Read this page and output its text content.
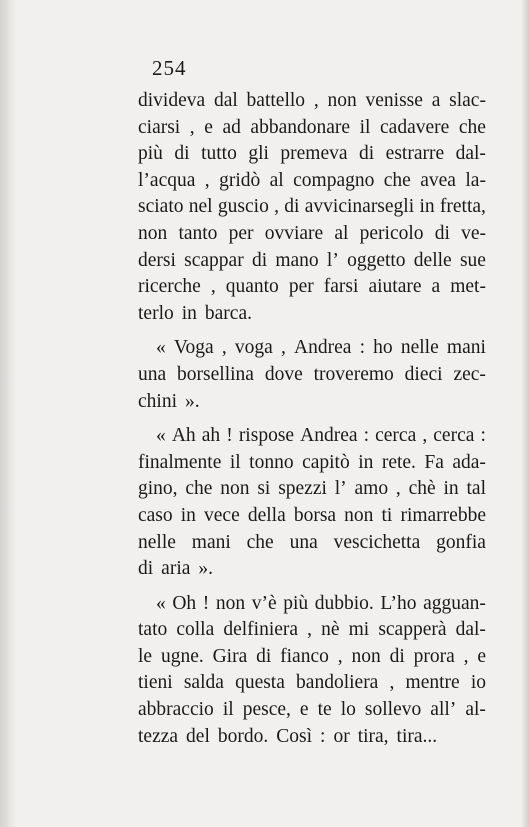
254
divideva dal battello , non venisse a slac-
ciarsi , e ad abbandonare il cadavere che
più di tutto gli premeva di estrarre dal-
l’acqua , gridò al compagno che avea la-
sciato nel guscio , di avvicinarsegli in fretta,
non tanto per ovviare al pericolo di ve-
dersi scappar di mano l’ oggetto delle sue
ricerche , quanto per farsi aiutare a met-
terlo in barca.
« Voga , voga , Andrea : ho nelle mani
una borsellina dove troveremo dieci zec-
chini ».
« Ah ah ! rispose Andrea : cerca , cerca :
finalmente il tonno capitò in rete. Fa ada-
gino, che non si spezzi l’ amo , chè in tal
caso in vece della borsa non ti rimarrebbe
nelle mani che una vescichetta gonfia
di aria ».
« Oh ! non v’è più dubbio. L’ho agguan-
tato colla delfiniera , nè mi scapperà dal-
le ugne. Gira di fianco , non di prora , e
tieni salda questa bandoliera , mentre io
abbraccio il pesce, e te lo sollevo all’ al-
tezza del bordo. Così : or tira, tira...
